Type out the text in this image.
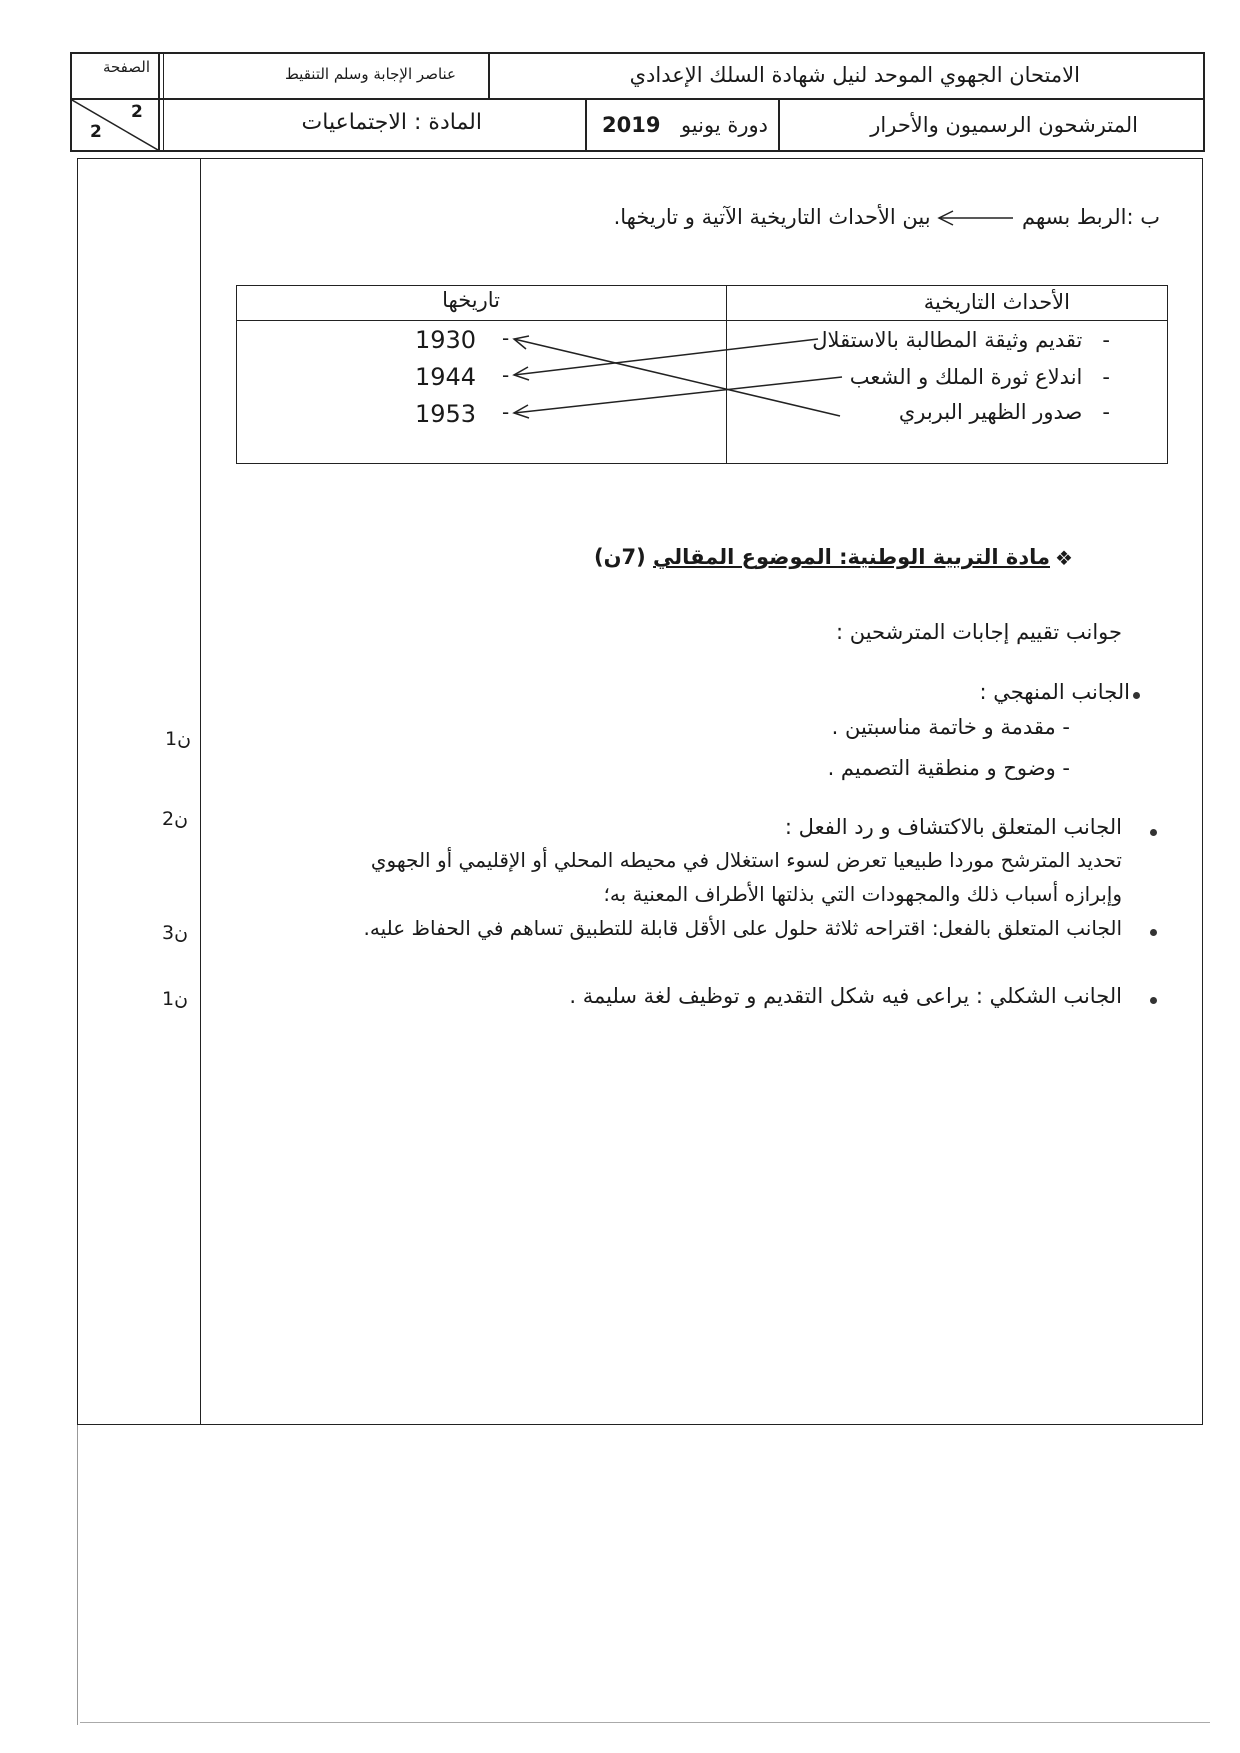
الامتحان الجهوي الموحد لنيل شهادة السلك الإعدادي
عناصر الإجابة وسلم التنقيط
الصفحة
المترشحون الرسميون والأحرار
دورة يونيو
2019
المادة : الاجتماعيات
2
2
ب :الربط بسهم
بين الأحداث التاريخية الآتية و تاريخها.
الأحداث التاريخية
تاريخها
-   تقديم وثيقة المطالبة بالاستقلال
-   اندلاع ثورة الملك و الشعب
-   صدور الظهير البربري
1930 -
1944 -
1953 -
مادة التربية الوطنية: الموضوع المقالي (7ن)	❖
جوانب تقييم إجابات المترشحين :
الجانب المنهجي :
- مقدمة و خاتمة مناسبتين .
- وضوح و منطقية التصميم .
الجانب المتعلق بالاكتشاف و رد الفعل :
تحديد المترشح موردا طبيعيا تعرض لسوء استغلال في محيطه المحلي أو الإقليمي أو الجهوي
وإبرازه أسباب ذلك والمجهودات التي بذلتها الأطراف المعنية به؛
الجانب المتعلق بالفعل: اقتراحه ثلاثة حلول على الأقل قابلة للتطبيق تساهم في الحفاظ عليه.
الجانب الشكلي : يراعى فيه شكل التقديم و توظيف لغة سليمة .
1ن
2ن
3ن
1ن
